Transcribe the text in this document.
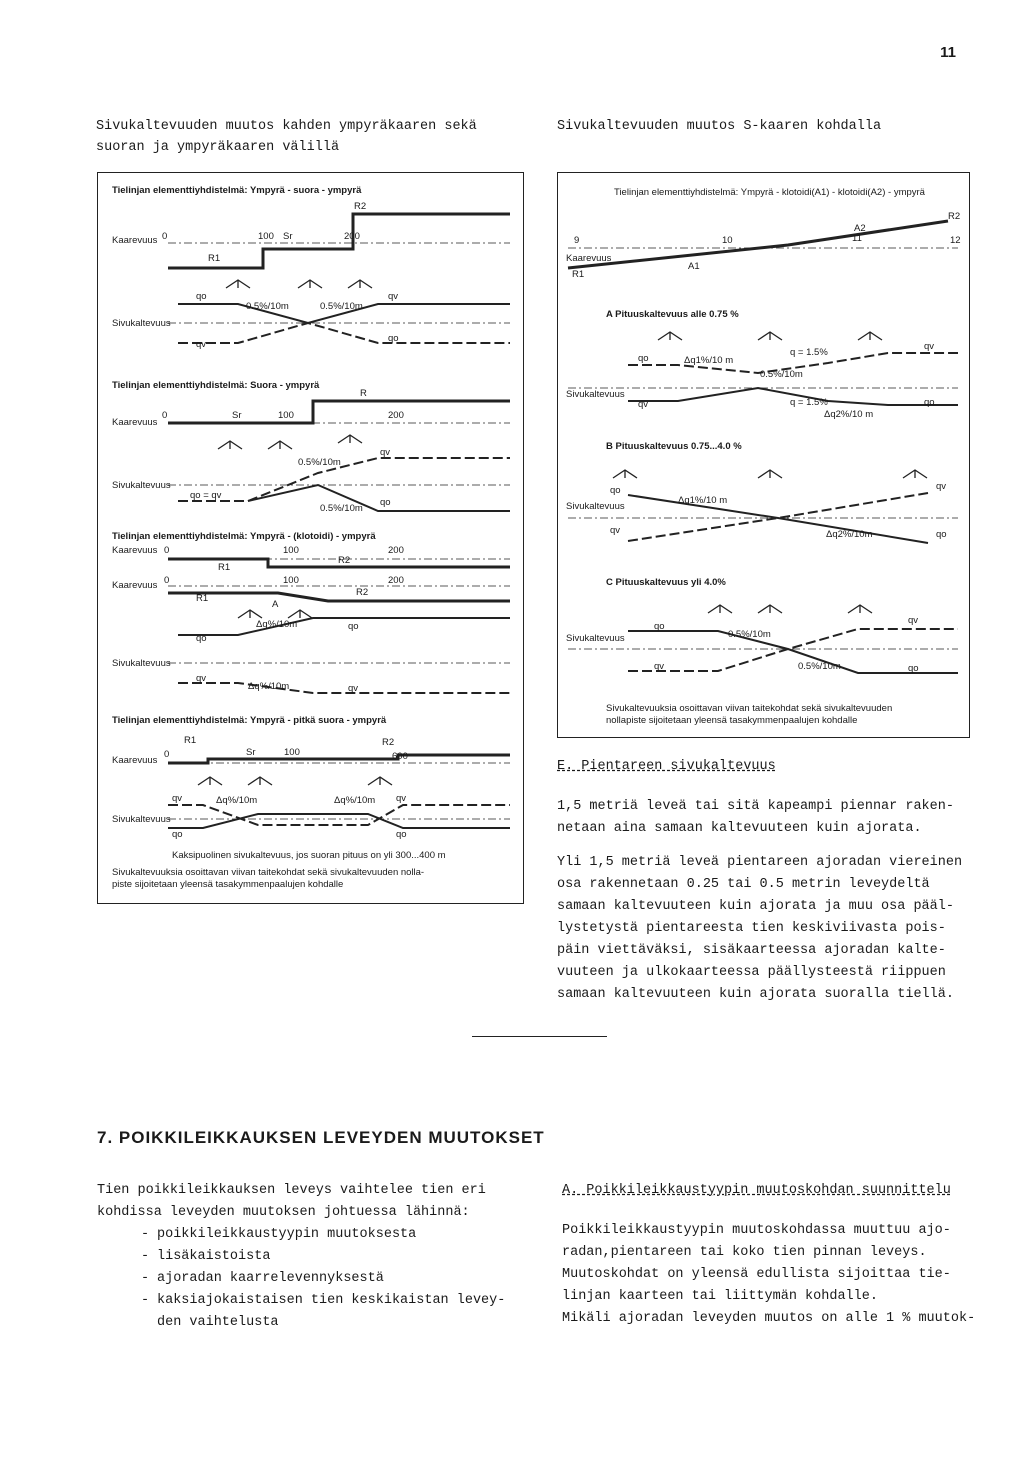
11
Sivukaltevuuden muutos kahden ympyräkaaren sekä
suoran ja ympyräkaaren välillä
Sivukaltevuuden muutos S-kaaren kohdalla
Tielinjan elementtiyhdistelmä: Ympyrä - suora - ympyrä
Kaarevuus 0	100 Sr	200
R1
R2
Sivukaltevuus
qo	qv
qv
qo
0.5%/10m	0.5%/10m
Tielinjan elementtiyhdistelmä: Suora - ympyrä
Kaarevuus
0	Sr	100	200
R
Sivukaltevuus
qo = qv
qv
qo
0.5%/10m
0.5%/10m
Tielinjan elementtiyhdistelmä: Ympyrä - (klotoidi) - ympyrä
Kaarevuus 0	100	200
R1
R2
Kaarevuus 0	100	200
R1
A
R2
qo
qo
qv
qv
Δq%/10m
Δq%/10m
Sivukaltevuus
Tielinjan elementtiyhdistelmä: Ympyrä - pitkä suora - ympyrä
Kaarevuus
0
R1
Sr	100
R2
600
Sivukaltevuus
qv	qv
qo	qo
Δq%/10m	Δq%/10m
Kaksipuolinen sivukaltevuus, jos suoran pituus on yli 300...400 m
Sivukaltevuuksia osoittavan viivan taitekohdat sekä sivukaltevuuden nolla-
piste sijoitetaan yleensä tasakymmenpaalujen kohdalle
Tielinjan elementtiyhdistelmä: Ympyrä - klotoidi(A1) - klotoidi(A2) - ympyrä
Kaarevuus
9	10	11	12
R1
A1
A2
R2
A Pituuskaltevuus alle 0.75 %
qo
qv
qv	qo
Δq1%/10 m
Δq2%/10 m
q = 1.5%
q = 1.5%
0.5%/10m
Sivukaltevuus
B Pituuskaltevuus 0.75...4.0 %
qo	qv
qv	qo
Δq1%/10 m
Δq2%/10m
Sivukaltevuus
C Pituuskaltevuus yli 4.0%
qo
qv
qv	qo
0.5%/10m
0.5%/10m
Sivukaltevuus
Sivukaltevuuksia osoittavan viivan taitekohdat sekä sivukaltevuuden
nollapiste sijoitetaan yleensä tasakymmenpaalujen kohdalle
E. Pientareen sivukaltevuus

1,5 metriä leveä tai sitä kapeampi piennar raken-

netaan aina samaan kaltevuuteen kuin ajorata.

Yli 1,5 metriä leveä pientareen ajoradan viereinen

osa rakennetaan 0.25 tai 0.5 metrin leveydeltä

samaan kaltevuuteen kuin ajorata ja muu osa pääl-

lystetystä pientareesta tien keskiviivasta pois-

päin viettäväksi, sisäkaarteessa ajoradan kalte-

vuuteen ja ulkokaarteessa päällysteestä riippuen

samaan kaltevuuteen kuin ajorata suoralla tiellä.

7. POIKKILEIKKAUKSEN LEVEYDEN MUUTOKSET

Tien poikkileikkauksen leveys vaihtelee tien eri

kohdissa leveyden muutoksen johtuessa lähinnä:

- poikkileikkaustyypin muutoksesta
- lisäkaistoista
- ajoradan kaarrelevennyksestä
- kaksiajokaistaisen tien keskikaistan levey-

den vaihtelusta

A. Poikkileikkaustyypin muutoskohdan suunnittelu

Poikkileikkaustyypin muutoskohdassa muuttuu ajo-

radan,pientareen tai koko tien pinnan leveys.

Muutoskohdat on yleensä edullista sijoittaa tie-

linjan kaarteen tai liittymän kohdalle.

Mikäli ajoradan leveyden muutos on alle 1 % muutok-
